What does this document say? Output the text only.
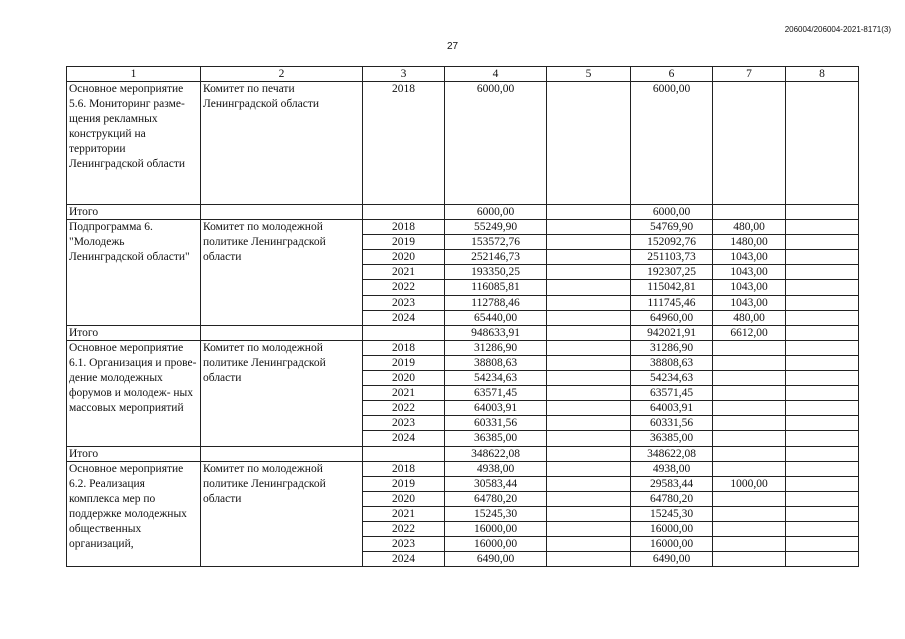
206004/206004-2021-8171(3)
27
1	2	3	4	5	6	7	8
Основное мероприятие 5.6. Мониторинг разме- щения рекламных конструкций на территории Ленинградской области	Комитет по печати Ленинградской области	2018	6000,00		6000,00		
Итого			6000,00		6000,00		
Подпрограмма 6. "Молодежь Ленинградской области"	Комитет по молодежной политике Ленинградской области	2018	55249,90		54769,90	480,00	
		2019	153572,76		152092,76	1480,00	
		2020	252146,73		251103,73	1043,00	
		2021	193350,25		192307,25	1043,00	
		2022	116085,81		115042,81	1043,00	
		2023	112788,46		111745,46	1043,00	
		2024	65440,00		64960,00	480,00	
Итого			948633,91		942021,91	6612,00	
Основное мероприятие 6.1. Организация и прове- дение молодежных форумов и молодеж- ных массовых мероприятий	Комитет по молодежной политике Ленинградской области	2018	31286,90		31286,90		
		2019	38808,63		38808,63		
		2020	54234,63		54234,63		
		2021	63571,45		63571,45		
		2022	64003,91		64003,91		
		2023	60331,56		60331,56		
		2024	36385,00		36385,00		
Итого			348622,08		348622,08		
Основное мероприятие 6.2. Реализация комплекса мер по поддержке молодежных общественных организаций,	Комитет по молодежной политике Ленинградской области	2018	4938,00		4938,00		
		2019	30583,44		29583,44	1000,00	
		2020	64780,20		64780,20		
		2021	15245,30		15245,30		
		2022	16000,00		16000,00		
		2023	16000,00		16000,00		
		2024	6490,00		6490,00		
